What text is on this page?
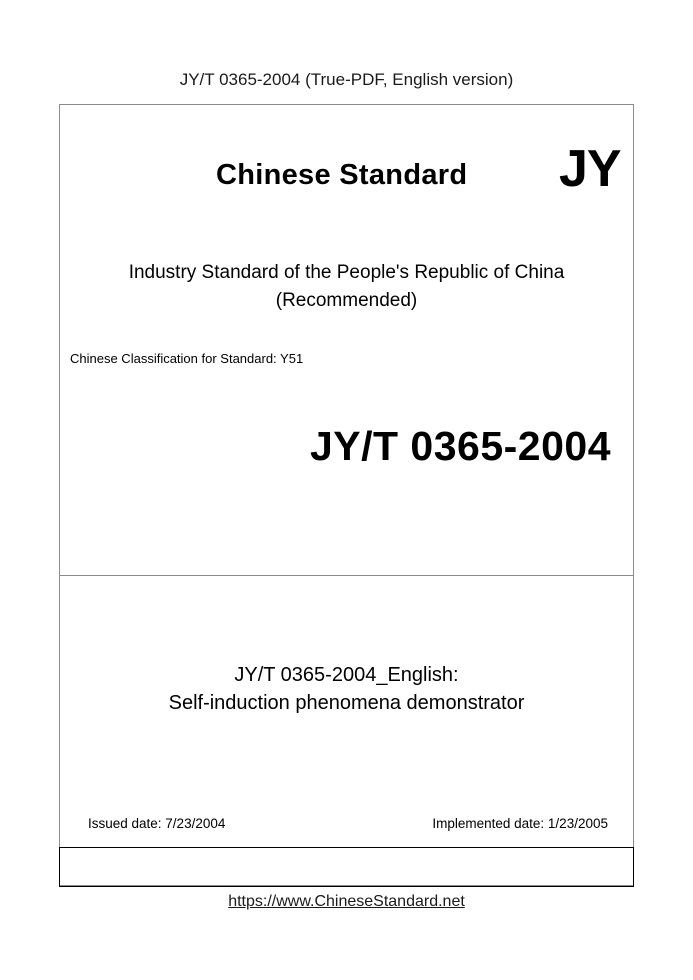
JY/T 0365-2004 (True-PDF, English version)
Chinese Standard JY
Industry Standard of the People's Republic of China
(Recommended)
Chinese Classification for Standard: Y51
JY/T 0365-2004
JY/T 0365-2004_English:
Self-induction phenomena demonstrator
Issued date: 7/23/2004	Implemented date: 1/23/2005
https://www.ChineseStandard.net
